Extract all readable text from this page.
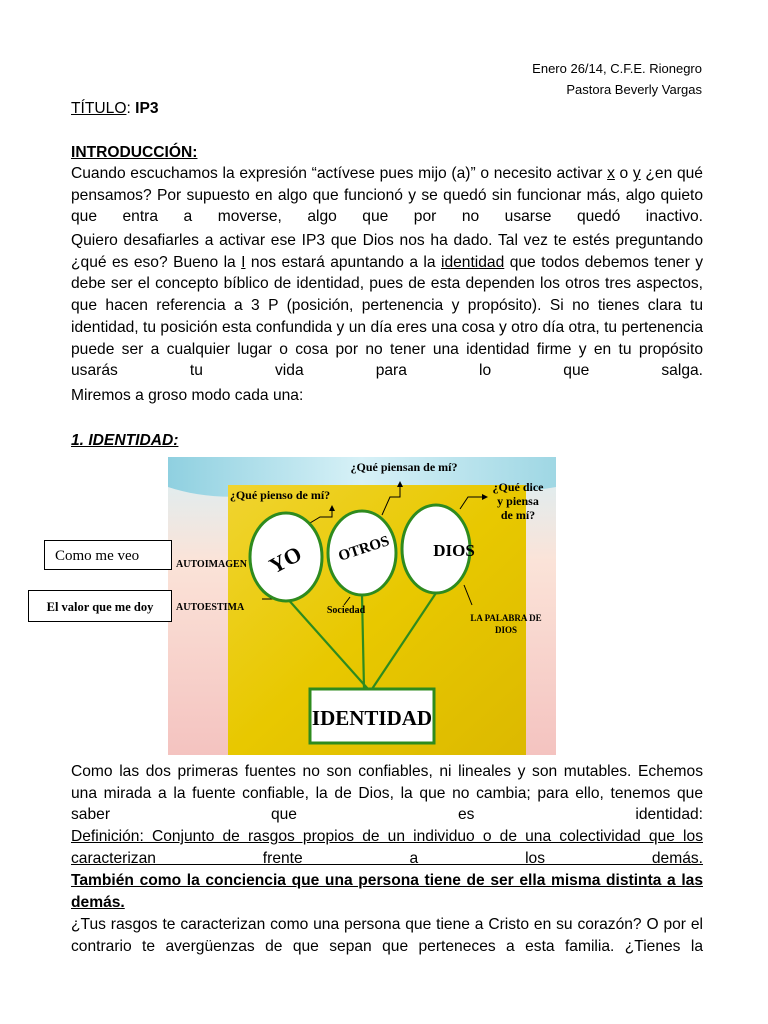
Enero 26/14, C.F.E. Rionegro
Pastora Beverly Vargas
TÍTULO: IP3
INTRODUCCIÓN:
Cuando escuchamos la expresión “actívese pues mijo (a)” o necesito activar x o y ¿en qué pensamos? Por supuesto en algo que funcionó y se quedó sin funcionar más, algo quieto que entra a moverse, algo que por no usarse quedó inactivo.
Quiero desafiarles a activar ese IP3 que Dios nos ha dado. Tal vez te estés preguntando ¿qué es eso? Bueno la I nos estará apuntando a la identidad que todos debemos tener y debe ser el concepto bíblico de identidad, pues de esta dependen los otros tres aspectos, que hacen referencia a 3 P (posición, pertenencia y propósito). Si no tienes clara tu identidad, tu posición esta confundida y un día eres una cosa y otro día otra, tu pertenencia puede ser a cualquier lugar o cosa por no tener una identidad firme y en tu propósito usarás tu vida para lo que salga.
Miremos a groso modo cada una:
1. IDENTIDAD:
YO OTROS DIOS
¿Qué piensan de mí?
¿Qué pienso de mí?
¿Qué dice
y piensa
de mí?
AUTOIMAGEN
AUTOESTIMA	Sociedad
LA PALABRA DE
DIOS
IDENTIDAD
Como me veo
El valor que me doy
Como las dos primeras fuentes no son confiables, ni lineales y son mutables. Echemos una mirada a la fuente confiable, la de Dios, la que no cambia; para ello, tenemos que saber que es identidad:
Definición: Conjunto de rasgos propios de un individuo o de una colectividad que los caracterizan frente a los demás.
También como la conciencia que una persona tiene de ser ella misma distinta a las demás.
¿Tus rasgos te caracterizan como una persona que tiene a Cristo en su corazón? O por el contrario te avergüenzas de que sepan que perteneces a esta familia. ¿Tienes la
